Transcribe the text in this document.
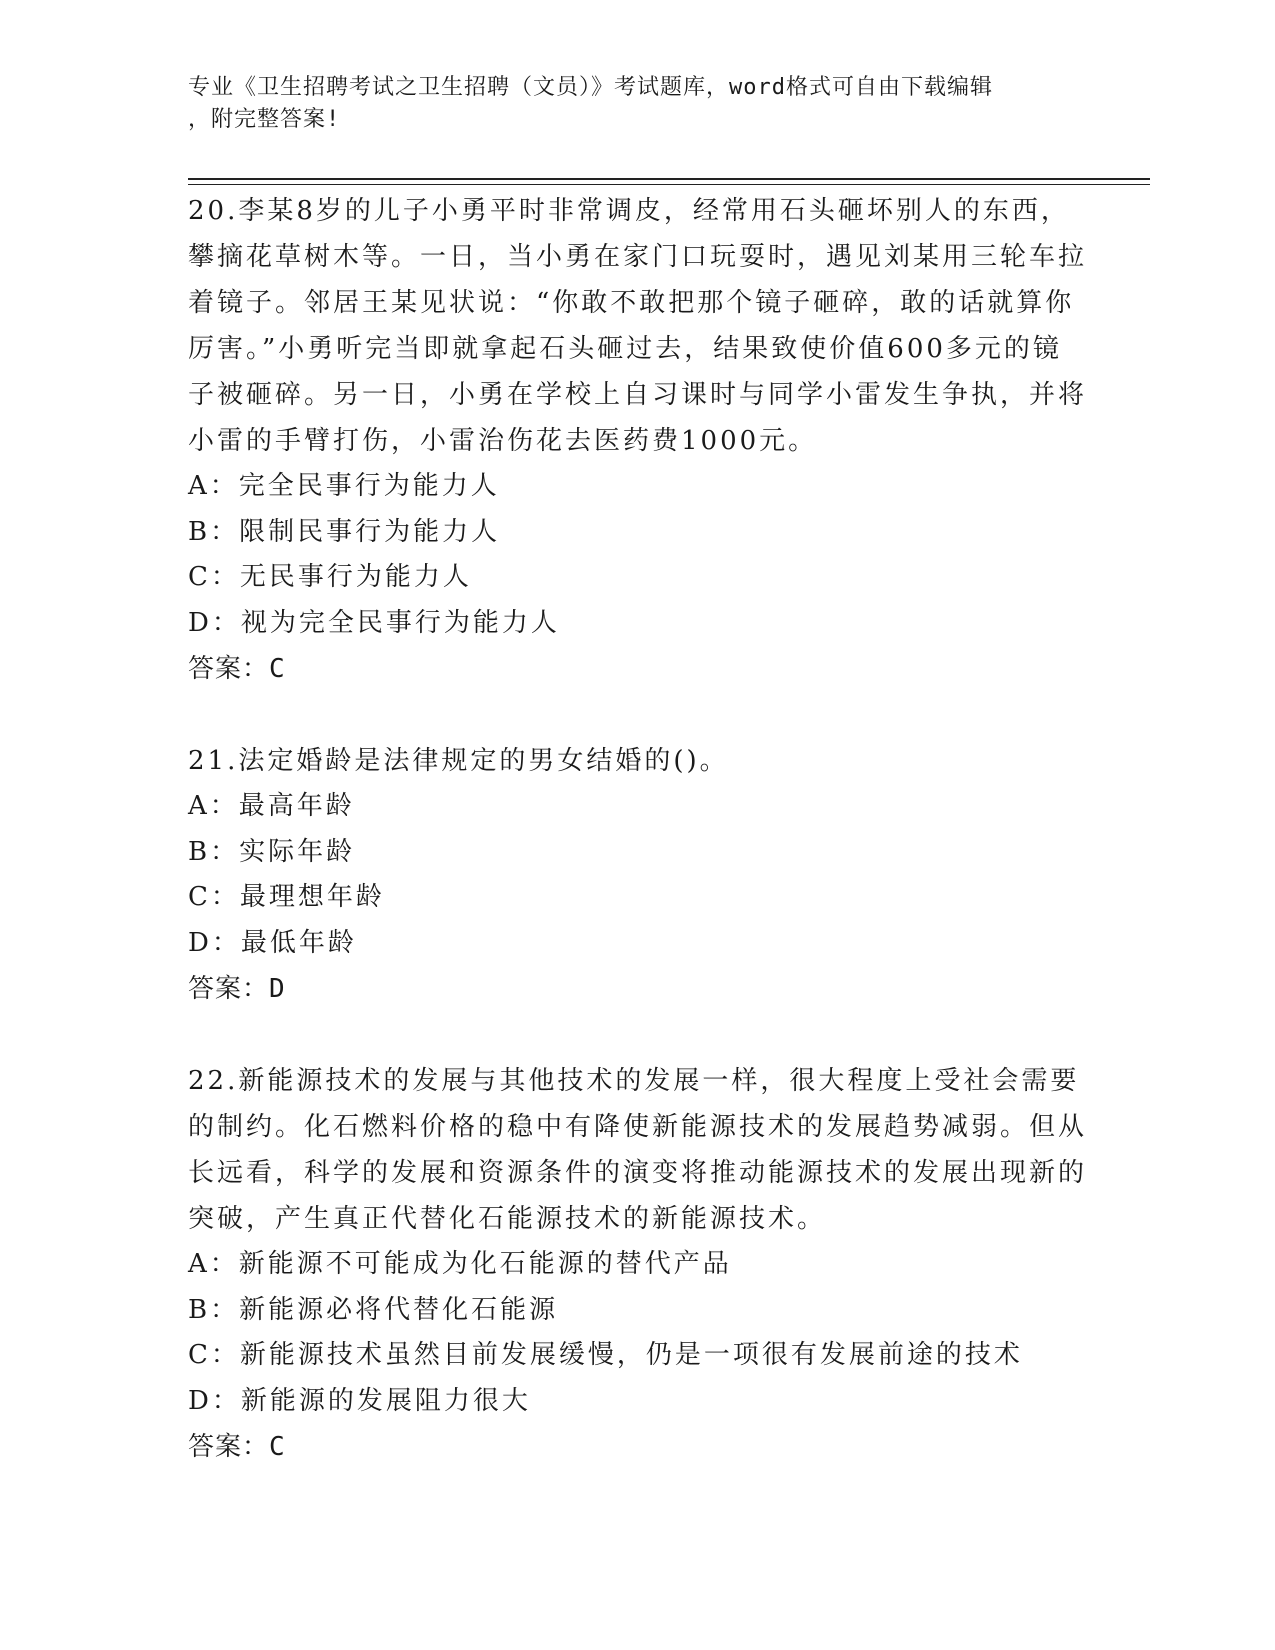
专业《卫生招聘考试之卫生招聘（文员）》考试题库，word格式可自由下载编辑
，附完整答案!

20.李某8岁的儿子小勇平时非常调皮，经常用石头砸坏别人的东西，攀摘花草树木等。一日，当小勇在家门口玩耍时，遇见刘某用三轮车拉着镜子。邻居王某见状说：“你敢不敢把那个镜子砸碎，敢的话就算你厉害。”小勇听完当即就拿起石头砸过去，结果致使价值600多元的镜子被砸碎。另一日，小勇在学校上自习课时与同学小雷发生争执，并将小雷的手臂打伤，小雷治伤花去医药费1000元。

A：完全民事行为能力人

B：限制民事行为能力人

C：无民事行为能力人

D：视为完全民事行为能力人

答案：C

21.法定婚龄是法律规定的男女结婚的()。

A：最高年龄

B：实际年龄

C：最理想年龄

D：最低年龄

答案：D

22.新能源技术的发展与其他技术的发展一样，很大程度上受社会需要的制约。化石燃料价格的稳中有降使新能源技术的发展趋势减弱。但从长远看，科学的发展和资源条件的演变将推动能源技术的发展出现新的突破，产生真正代替化石能源技术的新能源技术。

A：新能源不可能成为化石能源的替代产品

B：新能源必将代替化石能源

C：新能源技术虽然目前发展缓慢，仍是一项很有发展前途的技术

D：新能源的发展阻力很大

答案：C
